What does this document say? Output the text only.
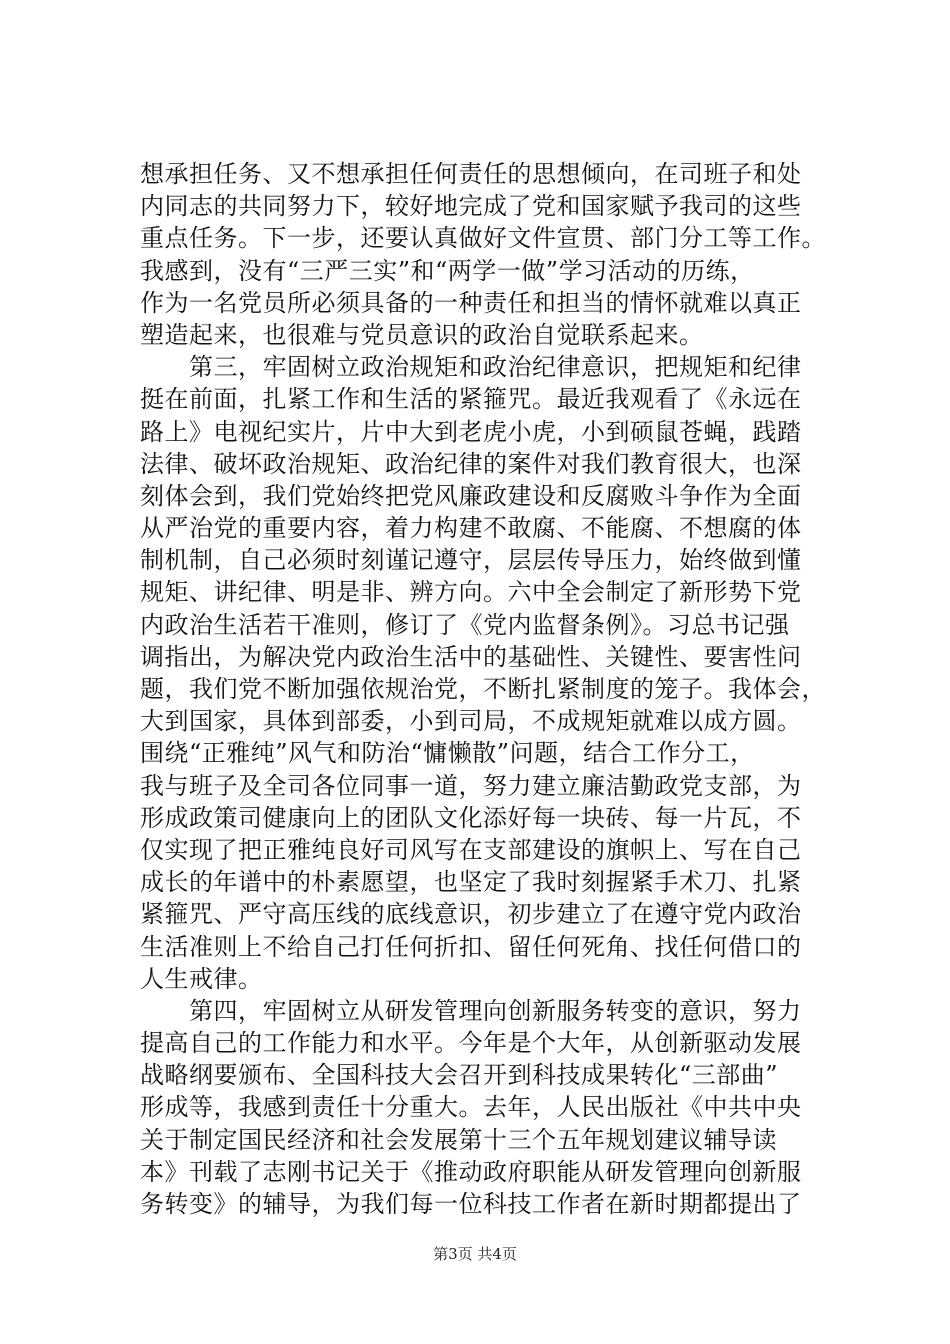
想承担任务、又不想承担任何责任的思想倾向，在司班子和处
内同志的共同努力下，较好地完成了党和国家赋予我司的这些
重点任务。下一步，还要认真做好文件宣贯、部门分工等工作。
我感到，没有“三严三实”和“两学一做”学习活动的历练，
作为一名党员所必须具备的一种责任和担当的情怀就难以真正
塑造起来，也很难与党员意识的政治自觉联系起来。
　　第三，牢固树立政治规矩和政治纪律意识，把规矩和纪律
挺在前面，扎紧工作和生活的紧箍咒。最近我观看了《永远在
路上》电视纪实片，片中大到老虎小虎，小到硕鼠苍蝇，践踏
法律、破坏政治规矩、政治纪律的案件对我们教育很大，也深
刻体会到，我们党始终把党风廉政建设和反腐败斗争作为全面
从严治党的重要内容，着力构建不敢腐、不能腐、不想腐的体
制机制，自己必须时刻谨记遵守，层层传导压力，始终做到懂
规矩、讲纪律、明是非、辨方向。六中全会制定了新形势下党
内政治生活若干准则，修订了《党内监督条例》。习总书记强
调指出，为解决党内政治生活中的基础性、关键性、要害性问
题，我们党不断加强依规治党，不断扎紧制度的笼子。我体会，
大到国家，具体到部委，小到司局，不成规矩就难以成方圆。
围绕“正雅纯”风气和防治“慵懒散”问题，结合工作分工，
我与班子及全司各位同事一道，努力建立廉洁勤政党支部，为
形成政策司健康向上的团队文化添好每一块砖、每一片瓦，不
仅实现了把正雅纯良好司风写在支部建设的旗帜上、写在自己
成长的年谱中的朴素愿望，也坚定了我时刻握紧手术刀、扎紧
紧箍咒、严守高压线的底线意识，初步建立了在遵守党内政治
生活准则上不给自己打任何折扣、留任何死角、找任何借口的
人生戒律。
　　第四，牢固树立从研发管理向创新服务转变的意识，努力
提高自己的工作能力和水平。今年是个大年，从创新驱动发展
战略纲要颁布、全国科技大会召开到科技成果转化“三部曲”
形成等，我感到责任十分重大。去年，人民出版社《中共中央
关于制定国民经济和社会发展第十三个五年规划建议辅导读
本》刊载了志刚书记关于《推动政府职能从研发管理向创新服
务转变》的辅导，为我们每一位科技工作者在新时期都提出了
第3页 共4页
